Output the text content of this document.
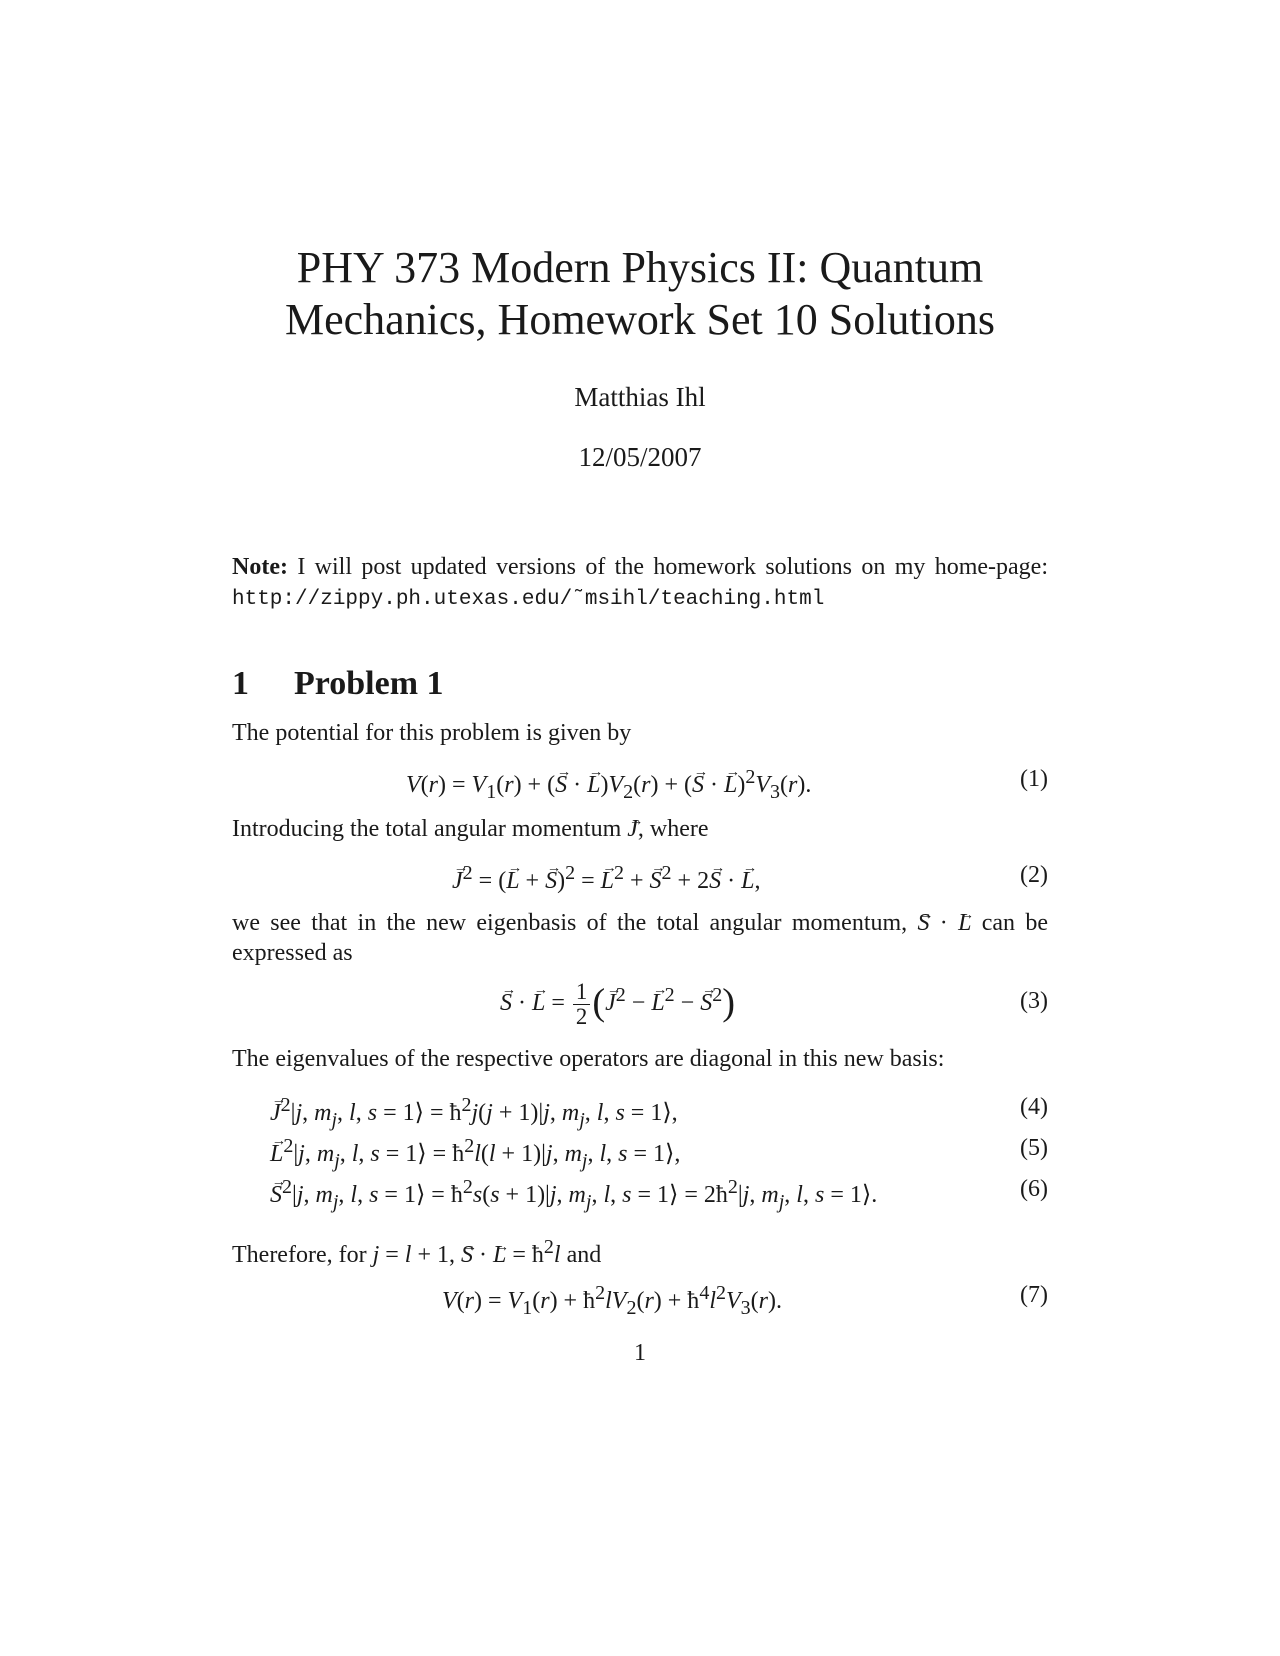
PHY 373 Modern Physics II: Quantum
Mechanics, Homework Set 10 Solutions
Matthias Ihl
12/05/2007

Note: I will post updated versions of the homework solutions on my home-page: http://zippy.ph.utexas.edu/˜msihl/teaching.html

1 Problem 1

The potential for this problem is given by

$V(r) = V_1(r)$ + (→ S · → $L)V_2(r)$ + (→ S · → $L)^2V_3(r)$.	(1)

Introducing the total angular momentum → J, where

→ $J^2$ = (→ L + → S)$^2$ = → $L^2$ + → $S^2 + 2\to S$ · → L,	(2)

we see that in the new eigenbasis of the total angular momentum, → S · → L can be expressed as

→ S · → $L = \frac{1}{2}$ (→ $J^2$ − → $L^2$ − → $S^2$)	(3)

The eigenvalues of the respective operators are diagonal in this new basis:

→ $J^2|j$, $m_j$, l, s = 1⟩ = $ħ^2j(j + 1)|j$, $m_j$, l, s = 1⟩,	(4)
→ $L^2|j$, $m_j$, l, s = 1⟩ = $ħ^2l(l + 1)|j$, $m_j$, l, s = 1⟩,	(5)
→ $S^2|j$, $m_j$, l, s = 1⟩ = $ħ^2s(s + 1)|j$, $m_j$, l, s = 1⟩ = $2ħ^2|j$, $m_j$, l, s = 1⟩.	(6)

Therefore, for j = l + 1, → S · → $L = ħ^2l$ and

$V(r) = V_1(r)$ + $ħ^2lV_2(r)$ + $ħ^4l^2V_3(r)$.	(7)
1
